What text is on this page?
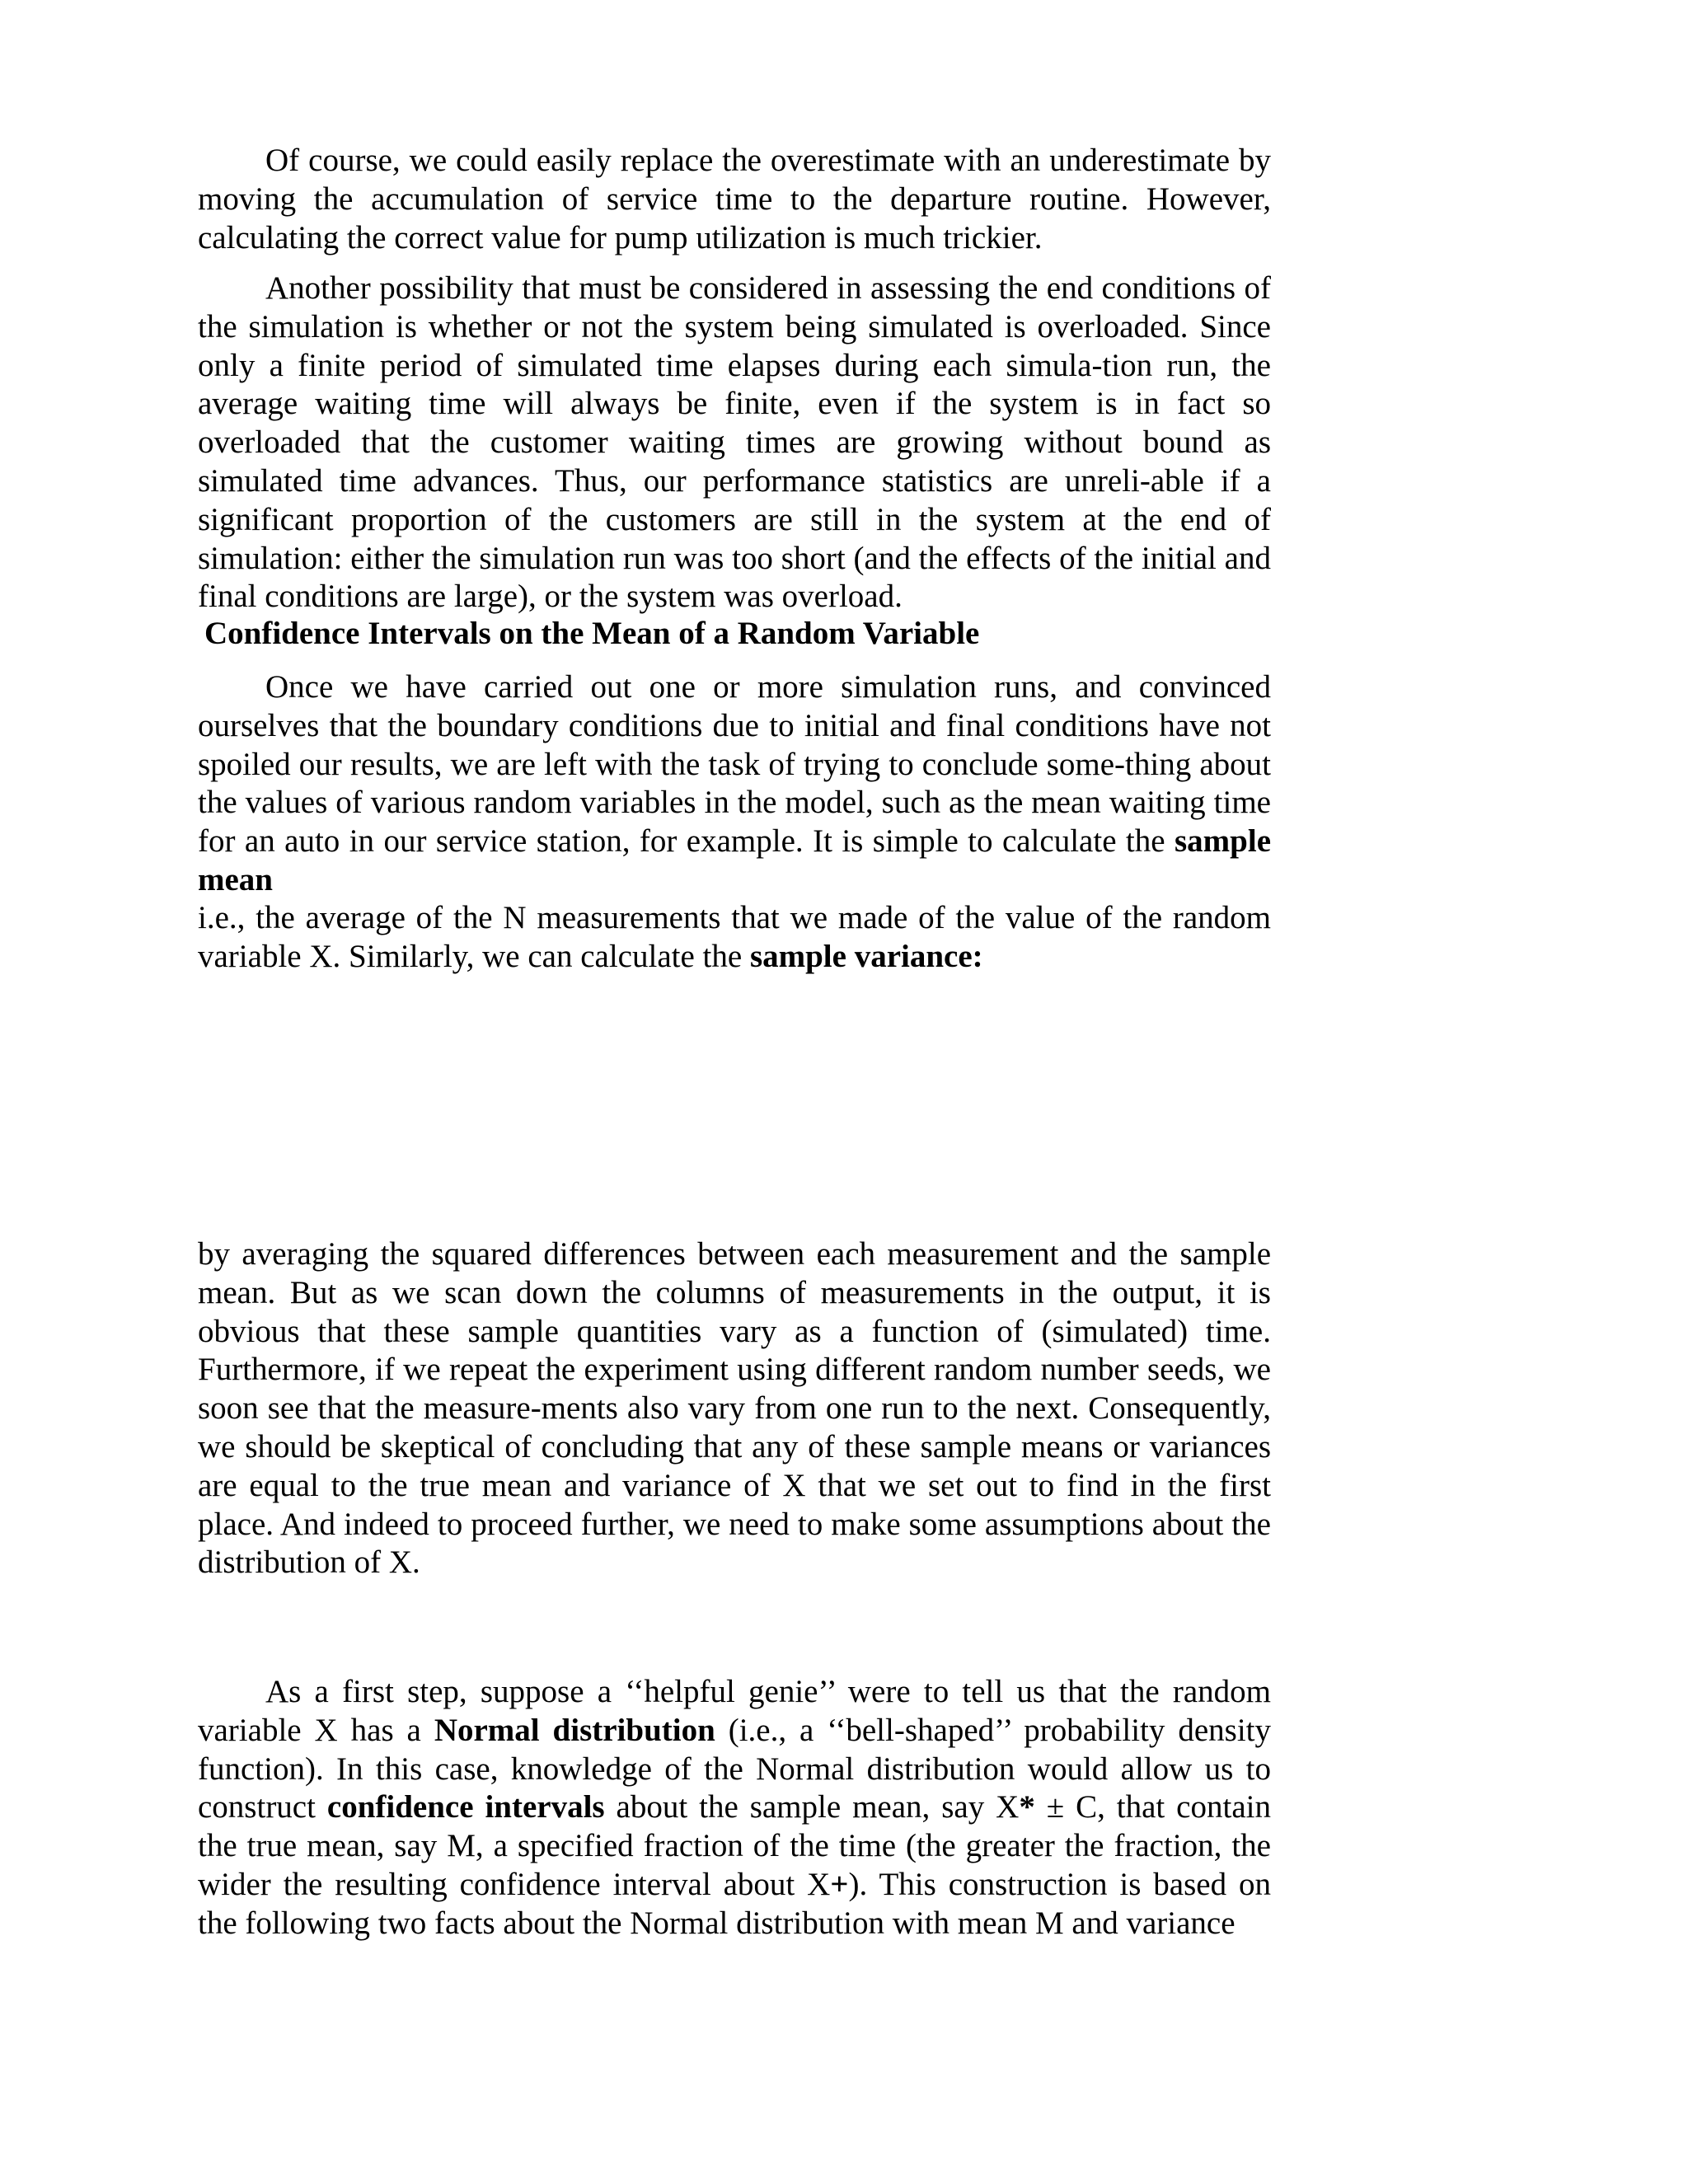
Of course, we could easily replace the overestimate with an underestimate by moving the accumulation of service time to the departure routine. However, calculating the correct value for pump utilization is much trickier.
Another possibility that must be considered in assessing the end conditions of the simulation is whether or not the system being simulated is overloaded. Since only a finite period of simulated time elapses during each simula-tion run, the average waiting time will always be finite, even if the system is in fact so overloaded that the customer waiting times are growing without bound as simulated time advances. Thus, our performance statistics are unreli-able if a significant proportion of the customers are still in the system at the end of simulation: either the simulation run was too short (and the effects of the initial and final conditions are large), or the system was overload.
Confidence Intervals on the Mean of a Random Variable
Once we have carried out one or more simulation runs, and convinced ourselves that the boundary conditions due to initial and final conditions have not spoiled our results, we are left with the task of trying to conclude some-thing about the values of various random variables in the model, such as the mean waiting time for an auto in our service station, for example. It is simple to calculate the sample mean
i.e., the average of the N measurements that we made of the value of the random variable X. Similarly, we can calculate the sample variance:
by averaging the squared differences between each measurement and the sample mean. But as we scan down the columns of measurements in the output, it is obvious that these sample quantities vary as a function of (simulated) time. Furthermore, if we repeat the experiment using different random number seeds, we soon see that the measure-ments also vary from one run to the next. Consequently, we should be skeptical of concluding that any of these sample means or variances are equal to the true mean and variance of X that we set out to find in the first place. And indeed to proceed further, we need to make some assumptions about the distribution of X.
As a first step, suppose a ‘‘helpful genie’’ were to tell us that the random variable X has a Normal distribution (i.e., a ‘‘bell-shaped’’ probability density function). In this case, knowledge of the Normal distribution would allow us to construct confidence intervals about the sample mean, say X* ± C, that contain the true mean, say M, a specified fraction of the time (the greater the fraction, the wider the resulting confidence interval about X+). This construction is based on the following two facts about the Normal distribution with mean M and variance
